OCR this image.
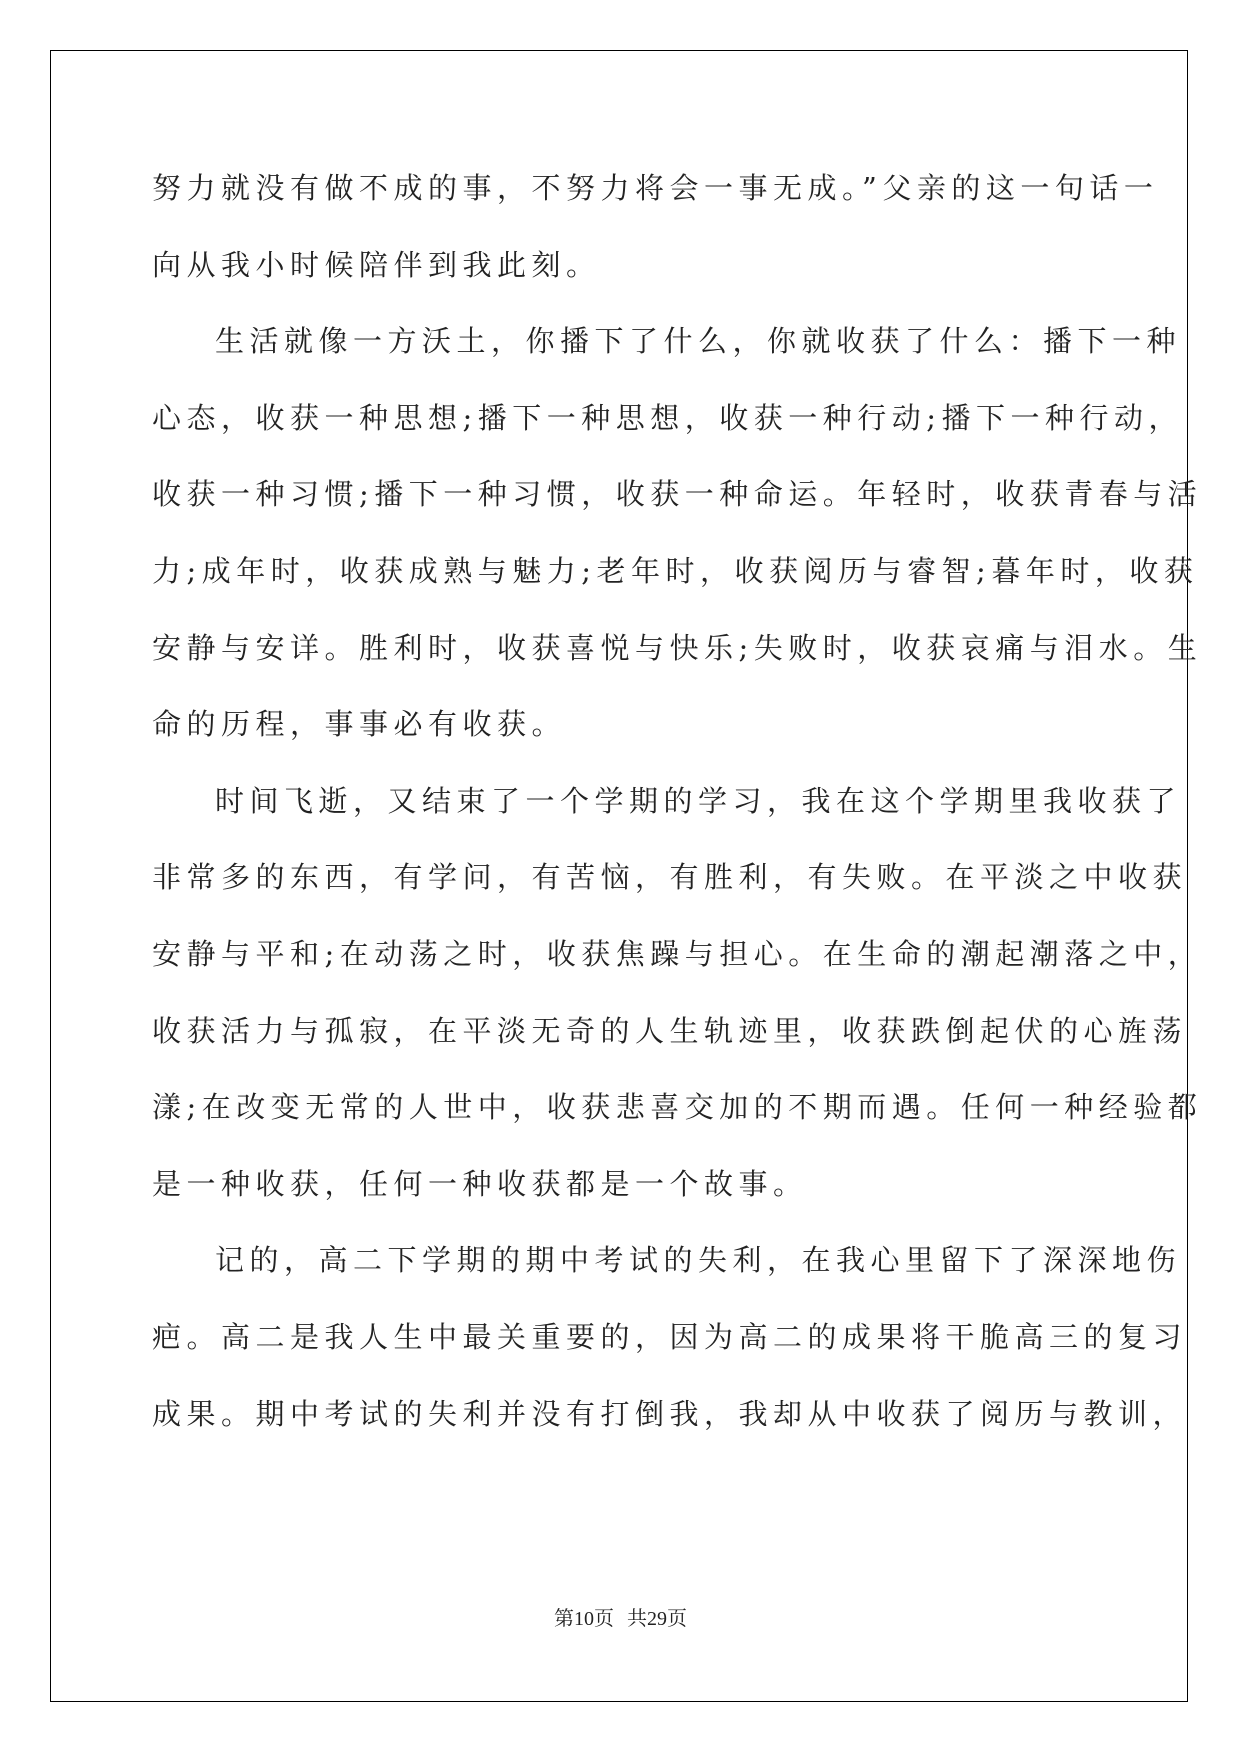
努力就没有做不成的事，不努力将会一事无成。”父亲的这一句话一
向从我小时候陪伴到我此刻。
生活就像一方沃土，你播下了什么，你就收获了什么：播下一种
心态，收获一种思想;播下一种思想，收获一种行动;播下一种行动，
收获一种习惯;播下一种习惯，收获一种命运。年轻时，收获青春与活
力;成年时，收获成熟与魅力;老年时，收获阅历与睿智;暮年时，收获
安静与安详。胜利时，收获喜悦与快乐;失败时，收获哀痛与泪水。生
命的历程，事事必有收获。
时间飞逝，又结束了一个学期的学习，我在这个学期里我收获了
非常多的东西，有学问，有苦恼，有胜利，有失败。在平淡之中收获
安静与平和;在动荡之时，收获焦躁与担心。在生命的潮起潮落之中，
收获活力与孤寂，在平淡无奇的人生轨迹里，收获跌倒起伏的心旌荡
漾;在改变无常的人世中，收获悲喜交加的不期而遇。任何一种经验都
是一种收获，任何一种收获都是一个故事。
记的，高二下学期的期中考试的失利，在我心里留下了深深地伤
疤。高二是我人生中最关重要的，因为高二的成果将干脆高三的复习
成果。期中考试的失利并没有打倒我，我却从中收获了阅历与教训，
第10页 共29页
